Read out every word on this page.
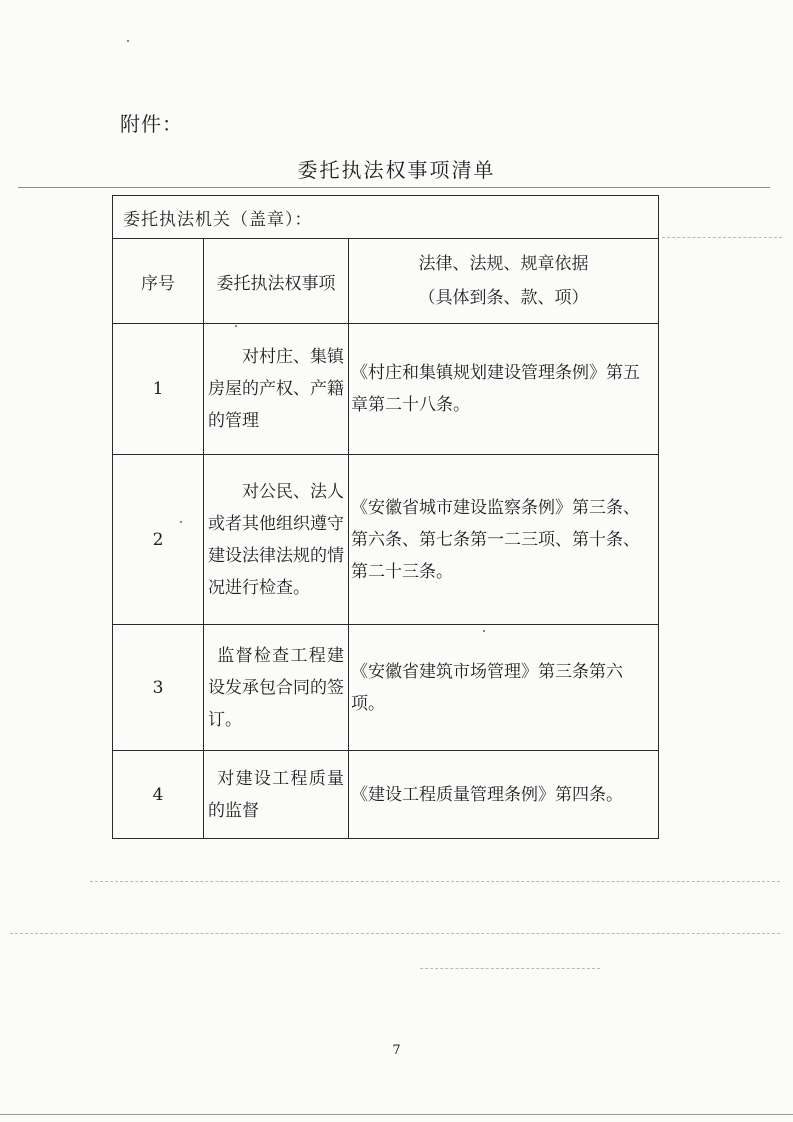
附件：
委托执法权事项清单
委托执法机关（盖章）：		
序号	委托执法权事项	法律、法规、规章依据
（具体到条、款、项）

1	对村庄、集镇房屋的产权、产籍的管理	《村庄和集镇规划建设管理条例》第五章第二十八条。
2	对公民、法人或者其他组织遵守建设法律法规的情况进行检查。	《安徽省城市建设监察条例》第三条、第六条、第七条第一二三项、第十条、第二十三条。
3	监督检查工程建设发承包合同的签订。	《安徽省建筑市场管理》第三条第六项。
4	对建设工程质量的监督	《建设工程质量管理条例》第四条。
7
